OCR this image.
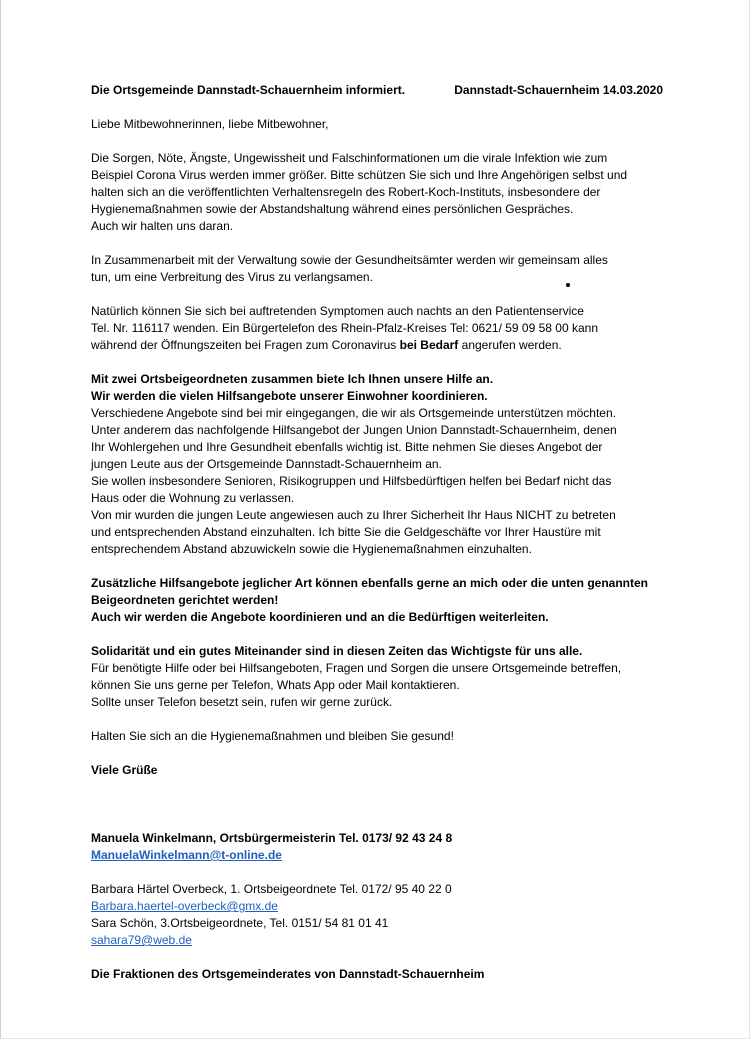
Die Ortsgemeinde Dannstadt-Schauernheim informiert.	Dannstadt-Schauernheim 14.03.2020
Liebe Mitbewohnerinnen, liebe Mitbewohner,
Die Sorgen, Nöte, Ängste, Ungewissheit und Falschinformationen um die virale Infektion wie zum
Beispiel Corona Virus werden immer größer. Bitte schützen Sie sich und Ihre Angehörigen selbst und
halten sich an die veröffentlichten Verhaltensregeln des Robert-Koch-Instituts, insbesondere der
Hygienemaßnahmen sowie der Abstandshaltung während eines persönlichen Gespräches.
Auch wir halten uns daran.
In Zusammenarbeit mit der Verwaltung sowie der Gesundheitsämter werden wir gemeinsam alles
tun, um eine Verbreitung des Virus zu verlangsamen.
Natürlich können Sie sich bei auftretenden Symptomen auch nachts an den Patientenservice
Tel. Nr. 116117 wenden. Ein Bürgertelefon des Rhein-Pfalz-Kreises Tel: 0621/ 59 09 58 00 kann
während der Öffnungszeiten bei Fragen zum Coronavirus bei Bedarf angerufen werden.
Mit zwei Ortsbeigeordneten zusammen biete Ich Ihnen unsere Hilfe an.
Wir werden die vielen Hilfsangebote unserer Einwohner koordinieren.
Verschiedene Angebote sind bei mir eingegangen, die wir als Ortsgemeinde unterstützen möchten.
Unter anderem das nachfolgende Hilfsangebot der Jungen Union Dannstadt-Schauernheim, denen
Ihr Wohlergehen und Ihre Gesundheit ebenfalls wichtig ist. Bitte nehmen Sie dieses Angebot der
jungen Leute aus der Ortsgemeinde Dannstadt-Schauernheim an.
Sie wollen insbesondere Senioren, Risikogruppen und Hilfsbedürftigen helfen bei Bedarf nicht das
Haus oder die Wohnung zu verlassen.
Von mir wurden die jungen Leute angewiesen auch zu Ihrer Sicherheit Ihr Haus NICHT zu betreten
und entsprechenden Abstand einzuhalten. Ich bitte Sie die Geldgeschäfte vor Ihrer Haustüre mit
entsprechendem Abstand abzuwickeln sowie die Hygienemaßnahmen einzuhalten.
Zusätzliche Hilfsangebote jeglicher Art können ebenfalls gerne an mich oder die unten genannten
Beigeordneten gerichtet werden!
Auch wir werden die Angebote koordinieren und an die Bedürftigen weiterleiten.
Solidarität und ein gutes Miteinander sind in diesen Zeiten das Wichtigste für uns alle.
Für benötigte Hilfe oder bei Hilfsangeboten, Fragen und Sorgen die unsere Ortsgemeinde betreffen,
können Sie uns gerne per Telefon, Whats App oder Mail kontaktieren.
Sollte unser Telefon besetzt sein, rufen wir gerne zurück.
Halten Sie sich an die Hygienemaßnahmen und bleiben Sie gesund!
Viele Grüße
Manuela Winkelmann, Ortsbürgermeisterin Tel. 0173/ 92 43 24 8
ManuelaWinkelmann@t-online.de
Barbara Härtel Overbeck, 1. Ortsbeigeordnete Tel. 0172/ 95 40 22 0
Barbara.haertel-overbeck@gmx.de
Sara Schön, 3.Ortsbeigeordnete, Tel. 0151/ 54 81 01 41
sahara79@web.de
Die Fraktionen des Ortsgemeinderates von Dannstadt-Schauernheim
